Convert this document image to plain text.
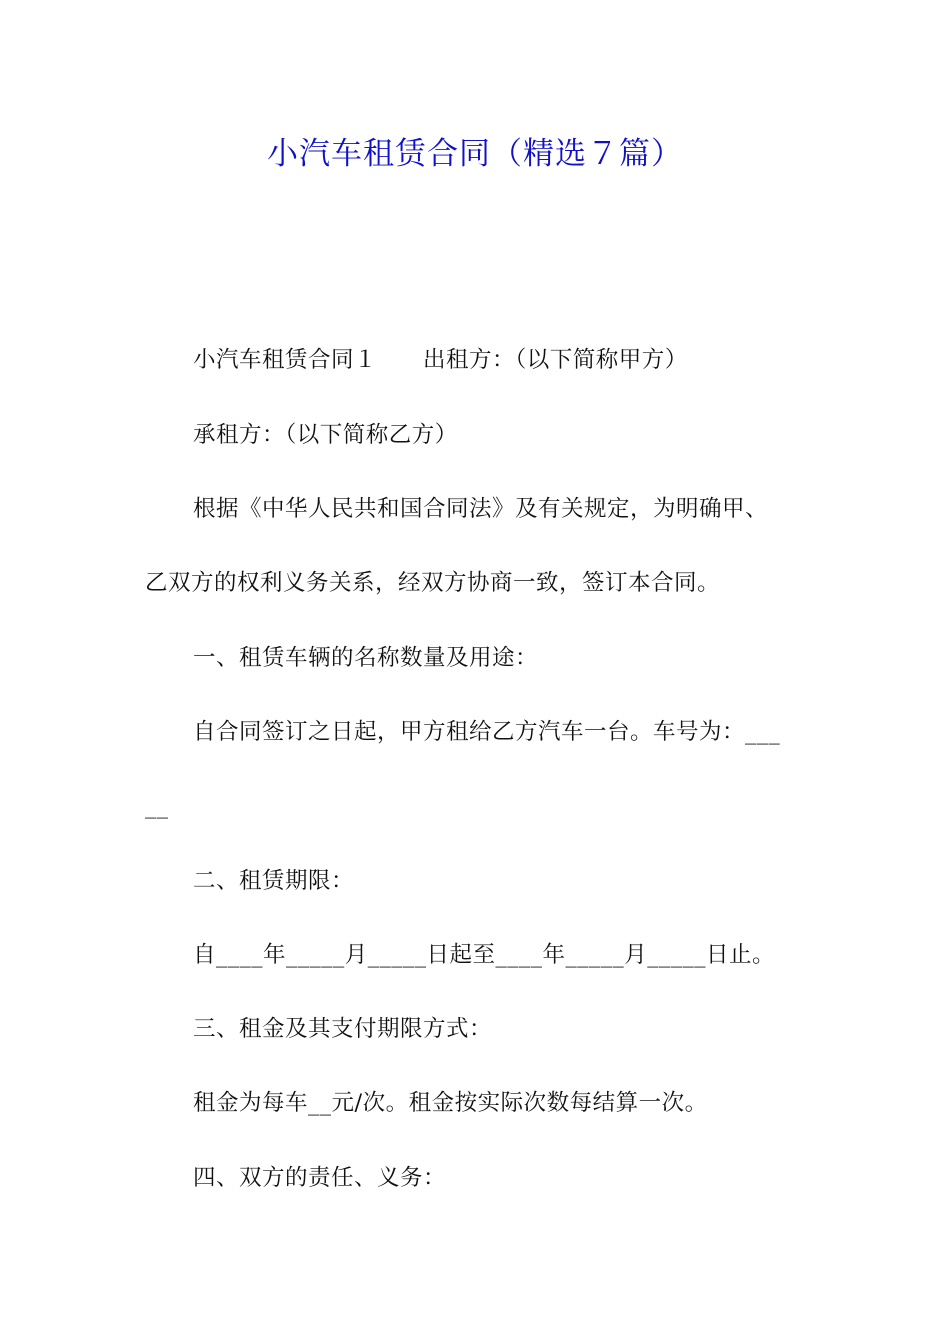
小汽车租赁合同（精选７篇）
小汽车租赁合同１ 出租方：（以下简称甲方）
承租方：（以下简称乙方）
根据《中华人民共和国合同法》及有关规定，为明确甲、
乙双方的权利义务关系，经双方协商一致，签订本合同。
一、租赁车辆的名称数量及用途：
自合同签订之日起，甲方租给乙方汽车一台。车号为：___
__
二、租赁期限：
自____年_____月_____日起至____年_____月_____日止。
三、租金及其支付期限方式：
租金为每车__元/次。租金按实际次数每结算一次。
四、双方的责任、义务：
